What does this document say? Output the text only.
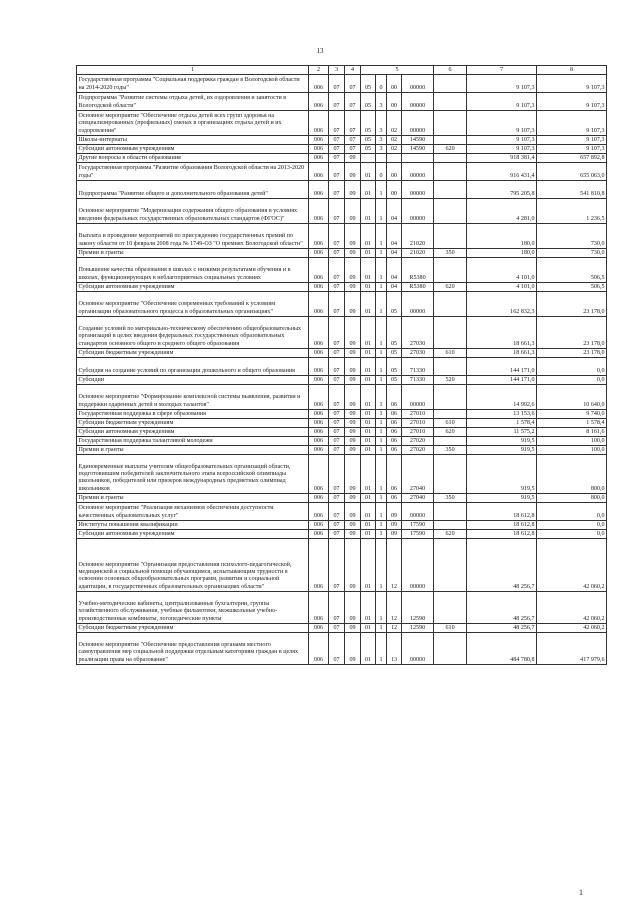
13
1	2	3	4	5				6	7	8
Государственная программа "Социальная поддержка граждан в Вологодской области на 2014-2020 годы"	006	07	07	05	0	00	00000		9 107,3	9 107,3
Подпрограмма "Развитие системы отдыха детей, их оздоровления и занятости в Вологодской области"	006	07	07	05	3	00	00000		9 107,3	9 107,3
Основное мероприятие "Обеспечение отдыха детей всех групп здоровья на специализированных (профильных) сменах в организациях отдыха детей и их оздоровления"	006	07	07	05	3	02	00000		9 107,3	9 107,3
Школы-интернаты	006	07	07	05	3	02	14590		9 107,3	9 107,3
Субсидии автономным учреждениям	006	07	07	05	3	02	14590	620	9 107,3	9 107,3
Другие вопросы в области образования	006	07	09						918 381,4	657 892,8
Государственная программа "Развитие образования Вологодской области на 2013-2020 годы"	006	07	09	01	0	00	00000		916 431,4	655 063,0
Подпрограмма "Развитие общего и дополнительного образования детей"	006	07	09	01	1	00	00000		795 205,8	541 810,8
Основное мероприятие "Модернизация содержания общего образования в условиях введения федеральных государственных образовательных стандартов (ФГОС)"	006	07	09	01	1	04	00000		4 281,0	1 236,5
Выплата и проведение мероприятий по присуждению государственных премий по закону области от 10 февраля 2008 года № 1749-ОЗ "О премиях Вологодской области"	006	07	09	01	1	04	21020		180,0	730,0
Премии и гранты	006	07	09	01	1	04	21020	350	180,0	730,0
Повышение качества образования в школах с низкими результатами обучения и в школах, функционирующих в неблагоприятных социальных условиях	006	07	09	01	1	04	R5380		4 101,0	506,5
Субсидии автономным учреждениям	006	07	09	01	1	04	R5380	620	4 101,0	506,5
Основное мероприятие "Обеспечение современных требований к условиям организации образовательного процесса в образовательных организациях"	006	07	09	01	1	05	00000		162 832,3	23 178,0
Создание условий по материально-техническому обеспечению общеобразовательных организаций в целях введения федеральных государственных образовательных стандартов основного общего и среднего общего образования	006	07	09	01	1	05	27030		18 661,3	23 178,0
Субсидии бюджетным учреждениям	006	07	09	01	1	05	27030	610	18 661,3	23 178,0
Субсидия на создание условий по организации дошкольного и общего образования	006	07	09	01	1	05	71330		144 171,0	0,0
Субсидии	006	07	09	01	1	05	71330	520	144 171,0	0,0
Основное мероприятие "Формирование комплексной системы выявления, развития и поддержки одаренных детей и молодых талантов"	006	07	09	01	1	06	00000		14 992,6	10 640,0
Государственная поддержка в сфере образования	006	07	09	01	1	06	27010		13 153,6	9 740,0
Субсидии бюджетным учреждениям	006	07	09	01	1	06	27010	610	1 578,4	1 578,4
Субсидии автономным учреждениям	006	07	09	01	1	06	27010	620	11 575,2	8 161,6
Государственная поддержка талантливой молодежи	006	07	09	01	1	06	27020		919,5	100,0
Премии и гранты	006	07	09	01	1	06	27020	350	919,5	100,0
Единовременные выплаты учителям общеобразовательных организаций области, подготовившим победителей заключительного этапа всероссийской олимпиады школьников, победителей или призеров международных предметных олимпиад школьников	006	07	09	01	1	06	27040		919,5	800,0
Премии и гранты	006	07	09	01	1	06	27040	350	919,5	800,0
Основное мероприятие "Реализация механизмов обеспечения доступности качественных образовательных услуг"	006	07	09	01	1	09	00000		18 612,8	0,0
Институты повышения квалификации	006	07	09	01	1	09	17590		18 612,8	0,0
Субсидии автономным учреждениям	006	07	09	01	1	09	17590	620	18 612,8	0,0
Основное мероприятие "Организация предоставления психолого-педагогической, медицинской и социальной помощи обучающимся, испытывающим трудности в освоении основных общеобразовательных программ, развитии и социальной адаптации, в государственных образовательных организациях области"	006	07	09	01	1	12	00000		48 256,7	42 060,2
Учебно-методические кабинеты, централизованные бухгалтерии, группы хозяйственного обслуживания, учебные фильмотеки, межшкольные учебно-производственные комбинаты, логопедические пункты	006	07	09	01	1	12	12590		48 256,7	42 060,2
Субсидии бюджетным учреждениям	006	07	09	01	1	12	12590	610	48 256,7	42 060,2
Основное мероприятие "Обеспечение предоставления органами местного самоуправления мер социальной поддержки отдельным категориям граждан в целях реализации права на образование"	006	07	09	01	1	13	00000		484 780,8	417 979,6
1
